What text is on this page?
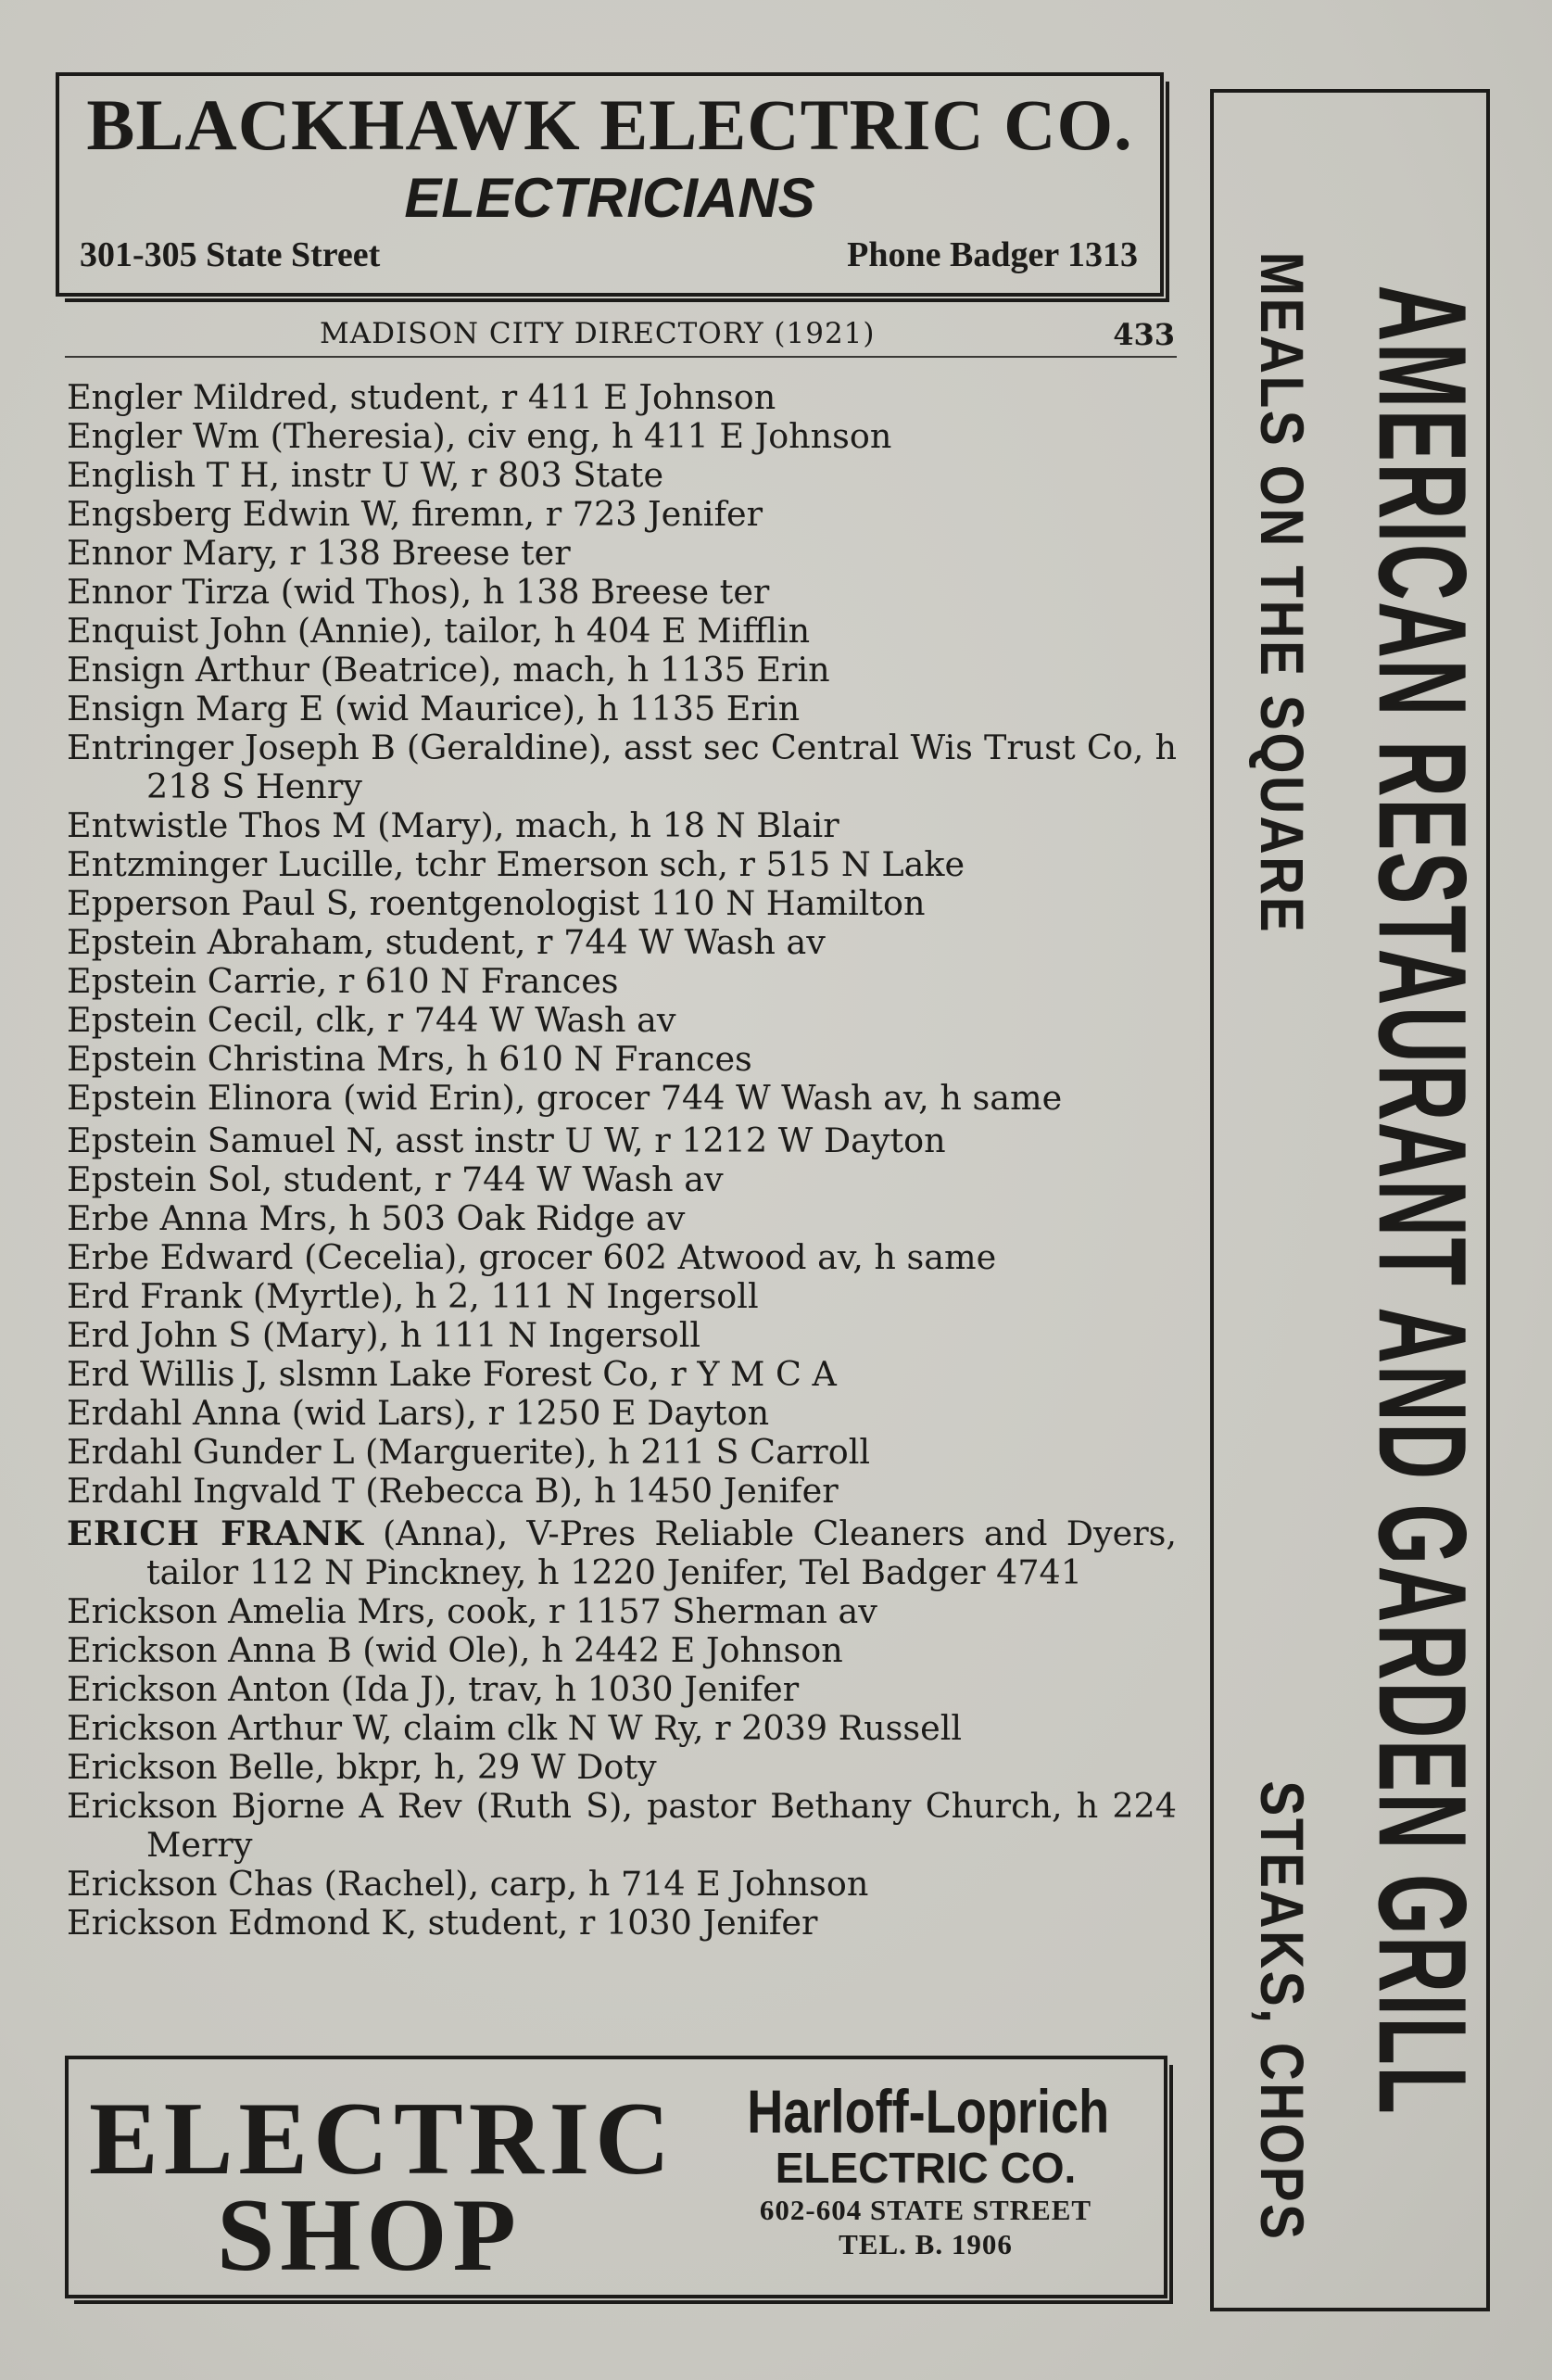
BLACKHAWK ELECTRIC CO.
ELECTRICIANS
301-305 State Street	Phone Badger 1313
MADISON CITY DIRECTORY (1921)	433

Engler Mildred, student, r 411 E Johnson

Engler Wm (Theresia), civ eng, h 411 E Johnson

English T H, instr U W, r 803 State

Engsberg Edwin W, firemn, r 723 Jenifer

Ennor Mary, r 138 Breese ter

Ennor Tirza (wid Thos), h 138 Breese ter

Enquist John (Annie), tailor, h 404 E Mifflin

Ensign Arthur (Beatrice), mach, h 1135 Erin

Ensign Marg E (wid Maurice), h 1135 Erin

Entringer Joseph B (Geraldine), asst sec Central Wis Trust Co, h 218 S Henry

Entwistle Thos M (Mary), mach, h 18 N Blair

Entzminger Lucille, tchr Emerson sch, r 515 N Lake

Epperson Paul S, roentgenologist 110 N Hamilton

Epstein Abraham, student, r 744 W Wash av

Epstein Carrie, r 610 N Frances

Epstein Cecil, clk, r 744 W Wash av

Epstein Christina Mrs, h 610 N Frances

Epstein Elinora (wid Erin), grocer 744 W Wash av, h same

Epstein Samuel N, asst instr U W, r 1212 W Dayton

Epstein Sol, student, r 744 W Wash av

Erbe Anna Mrs, h 503 Oak Ridge av

Erbe Edward (Cecelia), grocer 602 Atwood av, h same

Erd Frank (Myrtle), h 2, 111 N Ingersoll

Erd John S (Mary), h 111 N Ingersoll

Erd Willis J, slsmn Lake Forest Co, r Y M C A

Erdahl Anna (wid Lars), r 1250 E Dayton

Erdahl Gunder L (Marguerite), h 211 S Carroll

Erdahl Ingvald T (Rebecca B), h 1450 Jenifer

ERICH FRANK (Anna), V-Pres Reliable Cleaners and Dyers, tailor 112 N Pinckney, h 1220 Jenifer, Tel Badger 4741

Erickson Amelia Mrs, cook, r 1157 Sherman av

Erickson Anna B (wid Ole), h 2442 E Johnson

Erickson Anton (Ida J), trav, h 1030 Jenifer

Erickson Arthur W, claim clk N W Ry, r 2039 Russell

Erickson Belle, bkpr, h, 29 W Doty

Erickson Bjorne A Rev (Ruth S), pastor Bethany Church, h 224 Merry

Erickson Chas (Rachel), carp, h 714 E Johnson

Erickson Edmond K, student, r 1030 Jenifer

ELECTRIC
SHOP
Harloff-Loprich
ELECTRIC CO.
602-604 STATE STREET
TEL. B. 1906
AMERICAN RESTAURANT AND GARDEN GRILL
MEALS ON THE SQUARE
STEAKS, CHOPS
